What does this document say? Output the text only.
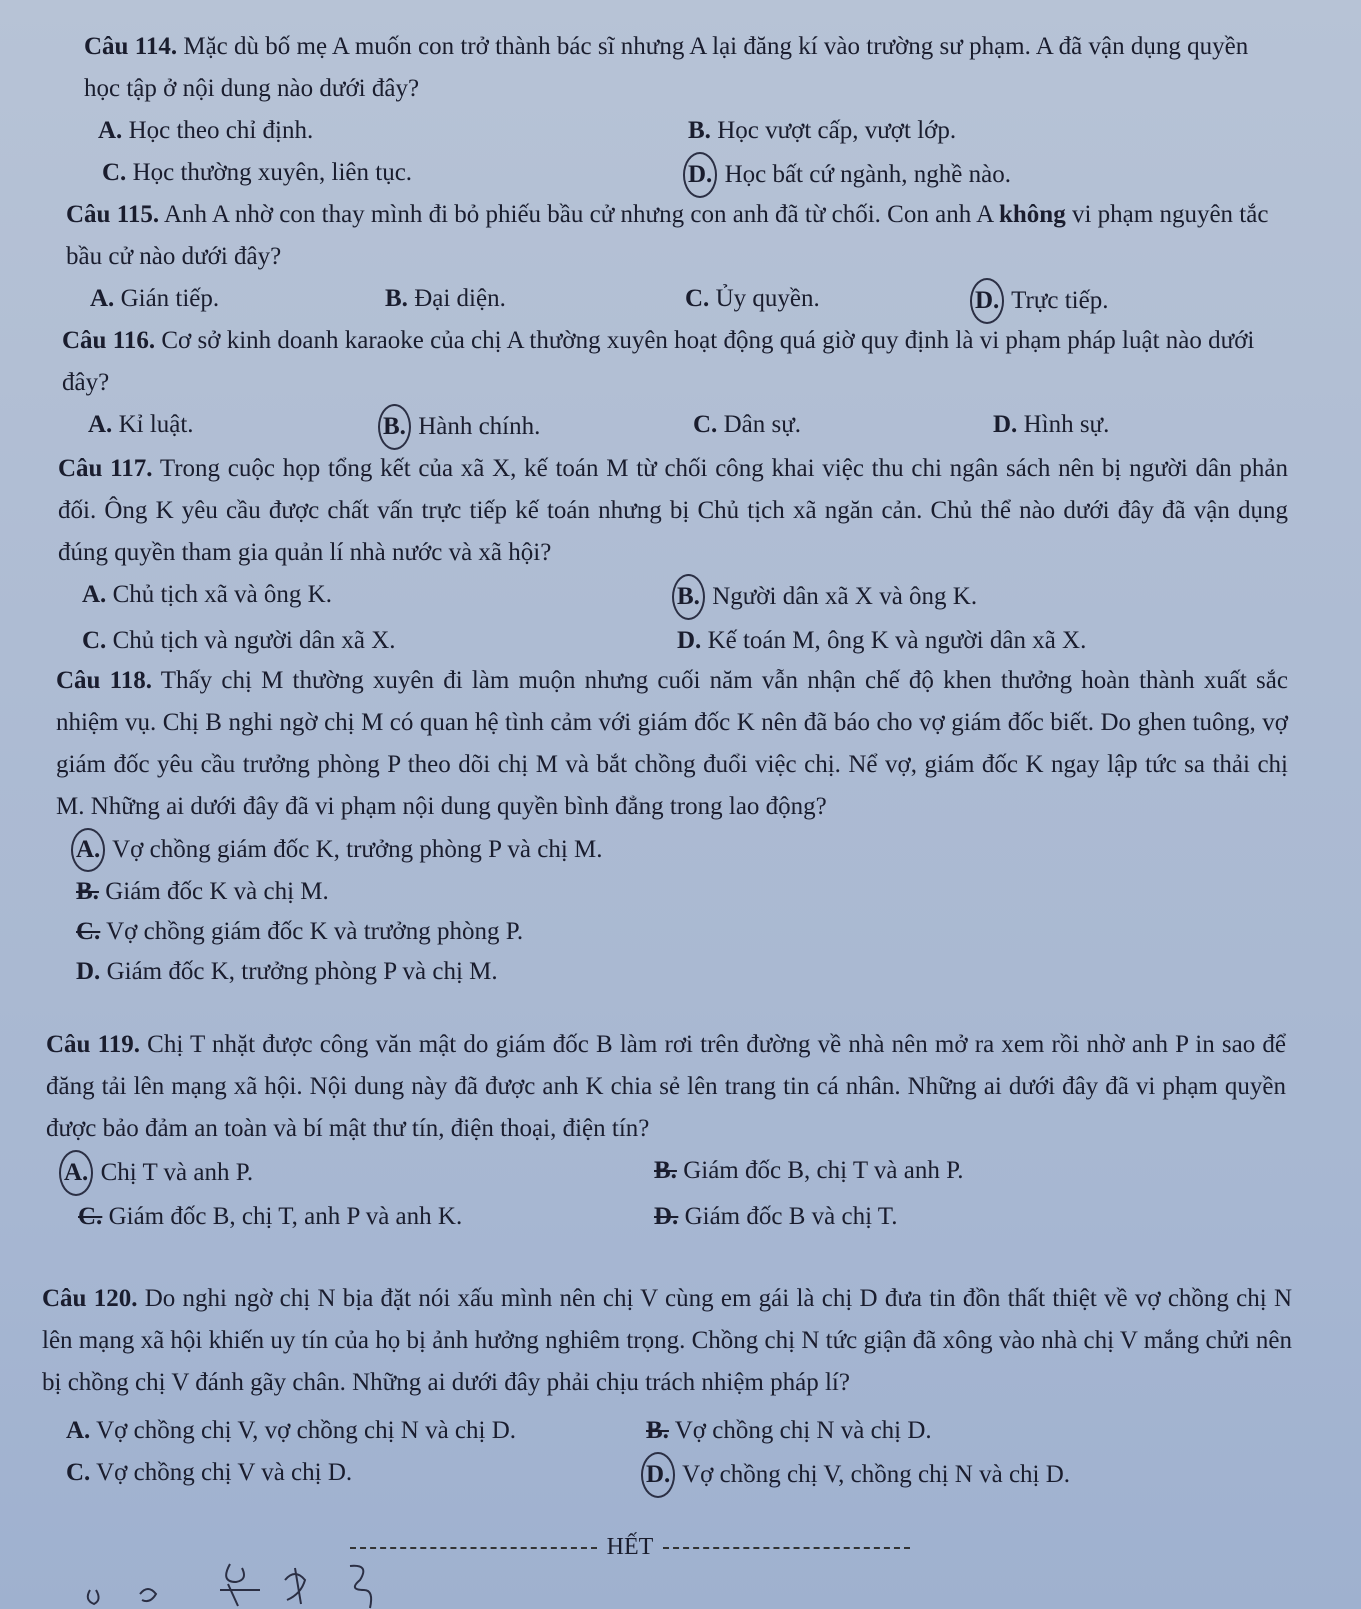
Câu 114. Mặc dù bố mẹ A muốn con trở thành bác sĩ nhưng A lại đăng kí vào trường sư phạm. A đã vận dụng quyền học tập ở nội dung nào dưới đây?

A. Học theo chỉ định.	B. Học vượt cấp, vượt lớp.
C. Học thường xuyên, liên tục.	D. Học bất cứ ngành, nghề nào.

Câu 115. Anh A nhờ con thay mình đi bỏ phiếu bầu cử nhưng con anh đã từ chối. Con anh A không vi phạm nguyên tắc bầu cử nào dưới đây?

A. Gián tiếp.	B. Đại diện.	C. Ủy quyền.	D. Trực tiếp.

Câu 116. Cơ sở kinh doanh karaoke của chị A thường xuyên hoạt động quá giờ quy định là vi phạm pháp luật nào dưới đây?

A. Kỉ luật.	B. Hành chính.	C. Dân sự.	D. Hình sự.

Câu 117. Trong cuộc họp tổng kết của xã X, kế toán M từ chối công khai việc thu chi ngân sách nên bị người dân phản đối. Ông K yêu cầu được chất vấn trực tiếp kế toán nhưng bị Chủ tịch xã ngăn cản. Chủ thể nào dưới đây đã vận dụng đúng quyền tham gia quản lí nhà nước và xã hội?

A. Chủ tịch xã và ông K.	B. Người dân xã X và ông K.
C. Chủ tịch và người dân xã X.	D. Kế toán M, ông K và người dân xã X.

Câu 118. Thấy chị M thường xuyên đi làm muộn nhưng cuối năm vẫn nhận chế độ khen thưởng hoàn thành xuất sắc nhiệm vụ. Chị B nghi ngờ chị M có quan hệ tình cảm với giám đốc K nên đã báo cho vợ giám đốc biết. Do ghen tuông, vợ giám đốc yêu cầu trưởng phòng P theo dõi chị M và bắt chồng đuổi việc chị. Nể vợ, giám đốc K ngay lập tức sa thải chị M. Những ai dưới đây đã vi phạm nội dung quyền bình đẳng trong lao động?

A. Vợ chồng giám đốc K, trưởng phòng P và chị M.
B. Giám đốc K và chị M.
C. Vợ chồng giám đốc K và trưởng phòng P.
D. Giám đốc K, trưởng phòng P và chị M.

Câu 119. Chị T nhặt được công văn mật do giám đốc B làm rơi trên đường về nhà nên mở ra xem rồi nhờ anh P in sao để đăng tải lên mạng xã hội. Nội dung này đã được anh K chia sẻ lên trang tin cá nhân. Những ai dưới đây đã vi phạm quyền được bảo đảm an toàn và bí mật thư tín, điện thoại, điện tín?

A. Chị T và anh P.	B. Giám đốc B, chị T và anh P.
C. Giám đốc B, chị T, anh P và anh K.	D. Giám đốc B và chị T.

Câu 120. Do nghi ngờ chị N bịa đặt nói xấu mình nên chị V cùng em gái là chị D đưa tin đồn thất thiệt về vợ chồng chị N lên mạng xã hội khiến uy tín của họ bị ảnh hưởng nghiêm trọng. Chồng chị N tức giận đã xông vào nhà chị V mắng chửi nên bị chồng chị V đánh gãy chân. Những ai dưới đây phải chịu trách nhiệm pháp lí?

A. Vợ chồng chị V, vợ chồng chị N và chị D.	B. Vợ chồng chị N và chị D.
C. Vợ chồng chị V và chị D.	D. Vợ chồng chị V, chồng chị N và chị D.
HẾT
